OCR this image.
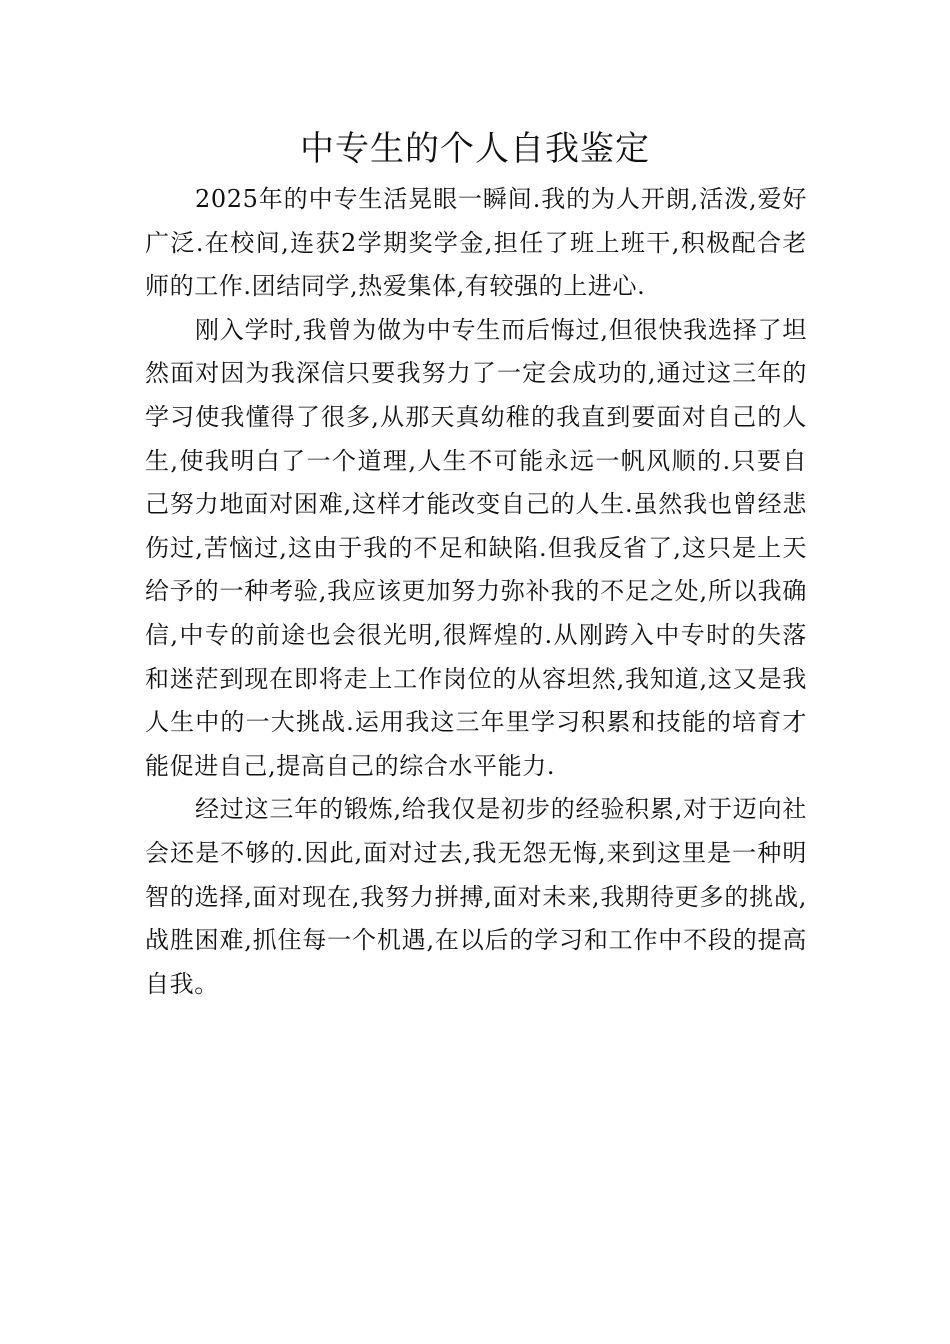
中专生的个人自我鉴定

2025年的中专生活晃眼一瞬间.我的为人开朗,活泼,爱好广泛.在校间,连获2学期奖学金,担任了班上班干,积极配合老师的工作.团结同学,热爱集体,有较强的上进心.

刚入学时,我曾为做为中专生而后悔过,但很快我选择了坦然面对因为我深信只要我努力了一定会成功的,通过这三年的学习使我懂得了很多,从那天真幼稚的我直到要面对自己的人生,使我明白了一个道理,人生不可能永远一帆风顺的.只要自己努力地面对困难,这样才能改变自己的人生.虽然我也曾经悲伤过,苦恼过,这由于我的不足和缺陷.但我反省了,这只是上天给予的一种考验,我应该更加努力弥补我的不足之处,所以我确信,中专的前途也会很光明,很辉煌的.从刚跨入中专时的失落和迷茫到现在即将走上工作岗位的从容坦然,我知道,这又是我人生中的一大挑战.运用我这三年里学习积累和技能的培育才能促进自己,提高自己的综合水平能力.

经过这三年的锻炼,给我仅是初步的经验积累,对于迈向社会还是不够的.因此,面对过去,我无怨无悔,来到这里是一种明智的选择,面对现在,我努力拼搏,面对未来,我期待更多的挑战,战胜困难,抓住每一个机遇,在以后的学习和工作中不段的提高自我。
